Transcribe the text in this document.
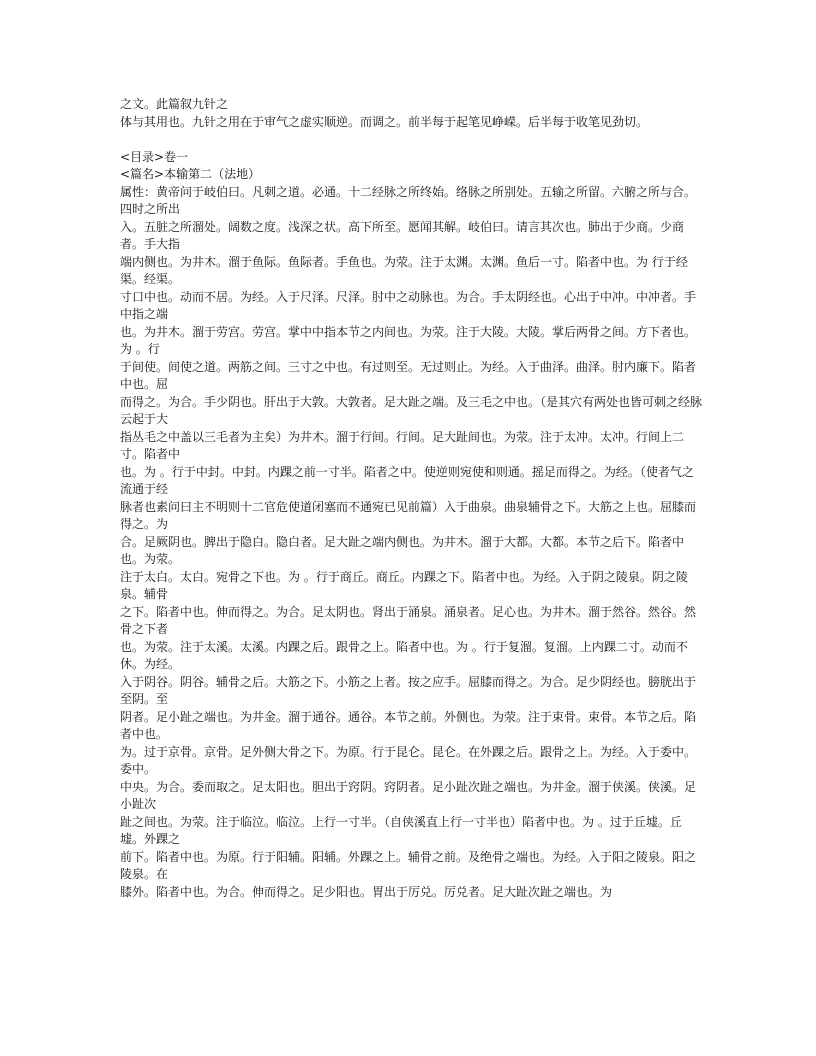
之文。此篇叙九针之

体与其用也。九针之用在于审气之虚实顺逆。而调之。前半每于起笔见峥嵘。后半每于收笔见劲切。

<目录>卷一

<篇名>本输第二（法地）

属性：黄帝问于岐伯曰。凡刺之道。必通。十二经脉之所终始。络脉之所别处。五输之所留。六腑之所与合。四时之所出

入。五脏之所溜处。阔数之度。浅深之状。高下所至。愿闻其解。岐伯曰。请言其次也。肺出于少商。少商者。手大指

端内侧也。为井木。溜于鱼际。鱼际者。手鱼也。为荥。注于太渊。太渊。鱼后一寸。陷者中也。为 行于经渠。经渠。

寸口中也。动而不居。为经。入于尺泽。尺泽。肘中之动脉也。为合。手太阴经也。心出于中冲。中冲者。手中指之端

也。为井木。溜于劳宫。劳宫。掌中中指本节之内间也。为荥。注于大陵。大陵。掌后两骨之间。方下者也。为 。行

于间使。间使之道。两筋之间。三寸之中也。有过则至。无过则止。为经。入于曲泽。曲泽。肘内廉下。陷者中也。屈

而得之。为合。手少阴也。肝出于大敦。大敦者。足大趾之端。及三毛之中也。（是其穴有两处也皆可刺之经脉云起于大

指丛毛之中盖以三毛者为主矣）为井木。溜于行间。行间。足大趾间也。为荥。注于太冲。太冲。行间上二寸。陷者中

也。为 。行于中封。中封。内踝之前一寸半。陷者之中。使逆则宛使和则通。摇足而得之。为经。（使者气之流通于经

脉者也素问曰主不明则十二官危使道闭塞而不通宛已见前篇）入于曲泉。曲泉辅骨之下。大筋之上也。屈膝而得之。为

合。足厥阴也。脾出于隐白。隐白者。足大趾之端内侧也。为井木。溜于大都。大都。本节之后下。陷者中也。为荥。

注于太白。太白。宛骨之下也。为 。行于商丘。商丘。内踝之下。陷者中也。为经。入于阴之陵泉。阴之陵泉。辅骨

之下。陷者中也。伸而得之。为合。足太阴也。肾出于涌泉。涌泉者。足心也。为井木。溜于然谷。然谷。然骨之下者

也。为荥。注于太溪。太溪。内踝之后。跟骨之上。陷者中也。为 。行于复溜。复溜。上内踝二寸。动而不休。为经。

入于阴谷。阴谷。辅骨之后。大筋之下。小筋之上者。按之应手。屈膝而得之。为合。足少阴经也。膀胱出于至阴。至

阴者。足小趾之端也。为井金。溜于通谷。通谷。本节之前。外侧也。为荥。注于束骨。束骨。本节之后。陷者中也。

为。过于京骨。京骨。足外侧大骨之下。为原。行于昆仑。昆仑。在外踝之后。跟骨之上。为经。入于委中。委中。

中央。为合。委而取之。足太阳也。胆出于窍阴。窍阴者。足小趾次趾之端也。为井金。溜于侠溪。侠溪。足小趾次

趾之间也。为荥。注于临泣。临泣。上行一寸半。（自侠溪直上行一寸半也）陷者中也。为 。过于丘墟。丘墟。外踝之

前下。陷者中也。为原。行于阳辅。阳辅。外踝之上。辅骨之前。及绝骨之端也。为经。入于阳之陵泉。阳之陵泉。在

膝外。陷者中也。为合。伸而得之。足少阳也。胃出于厉兑。厉兑者。足大趾次趾之端也。为
